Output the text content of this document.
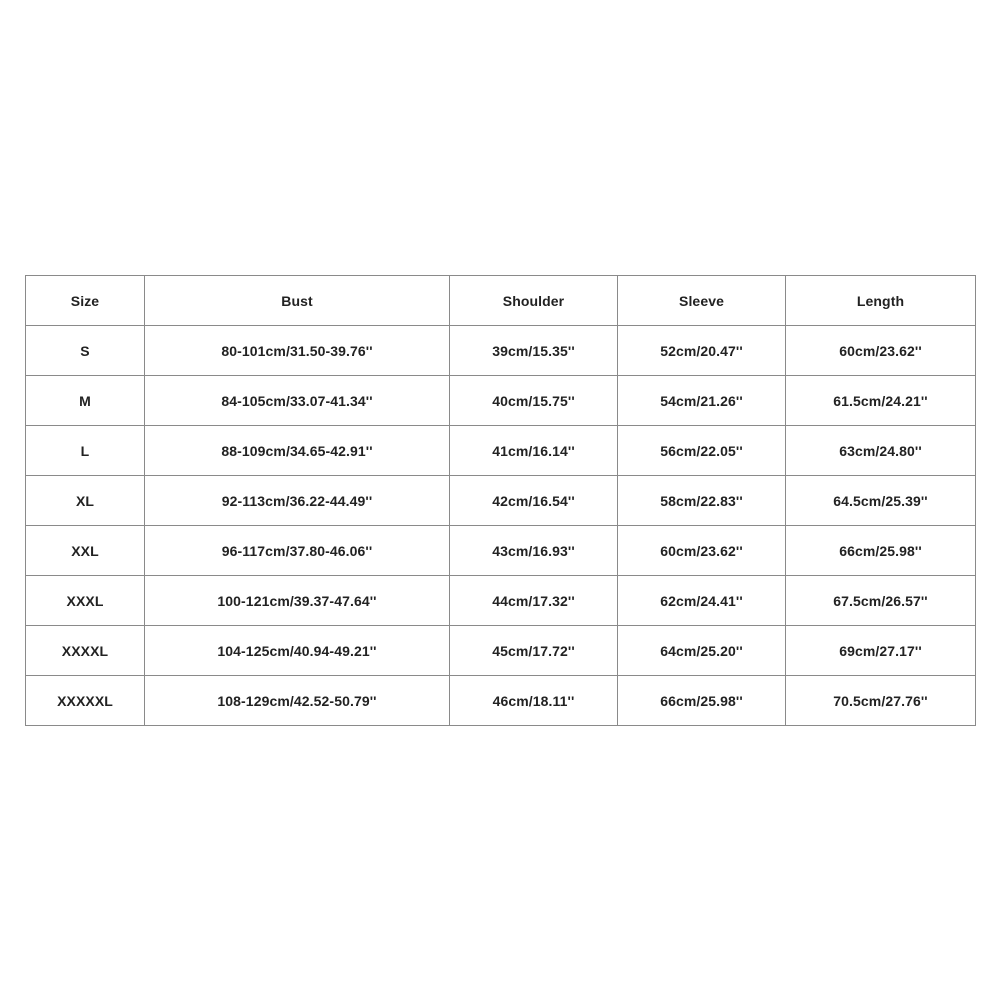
Size	Bust	Shoulder	Sleeve	Length
S	80-101cm/31.50-39.76''	39cm/15.35''	52cm/20.47''	60cm/23.62''
M	84-105cm/33.07-41.34''	40cm/15.75''	54cm/21.26''	61.5cm/24.21''
L	88-109cm/34.65-42.91''	41cm/16.14''	56cm/22.05''	63cm/24.80''
XL	92-113cm/36.22-44.49''	42cm/16.54''	58cm/22.83''	64.5cm/25.39''
XXL	96-117cm/37.80-46.06''	43cm/16.93''	60cm/23.62''	66cm/25.98''
XXXL	100-121cm/39.37-47.64''	44cm/17.32''	62cm/24.41''	67.5cm/26.57''
XXXXL	104-125cm/40.94-49.21''	45cm/17.72''	64cm/25.20''	69cm/27.17''
XXXXXL	108-129cm/42.52-50.79''	46cm/18.11''	66cm/25.98''	70.5cm/27.76''
